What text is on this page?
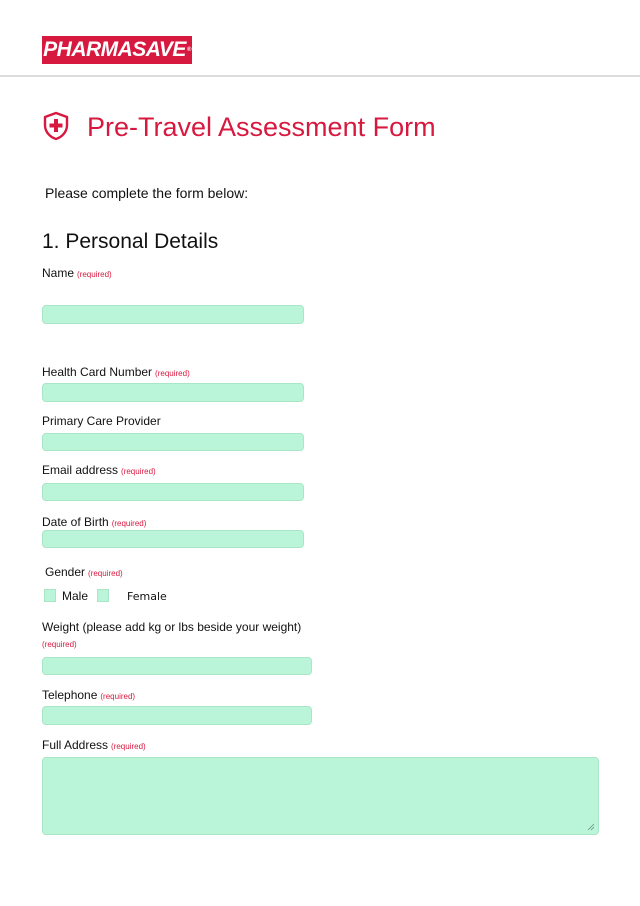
PHARMASAVE®
Pre-Travel Assessment Form
Please complete the form below:
1. Personal Details
Name (required)
Health Card Number (required)
Primary Care Provider
Email address (required)
Date of Birth (required)
Gender (required)
Male	Female
Weight (please add kg or lbs beside your weight)
(required)
Telephone (required)
Full Address (required)
